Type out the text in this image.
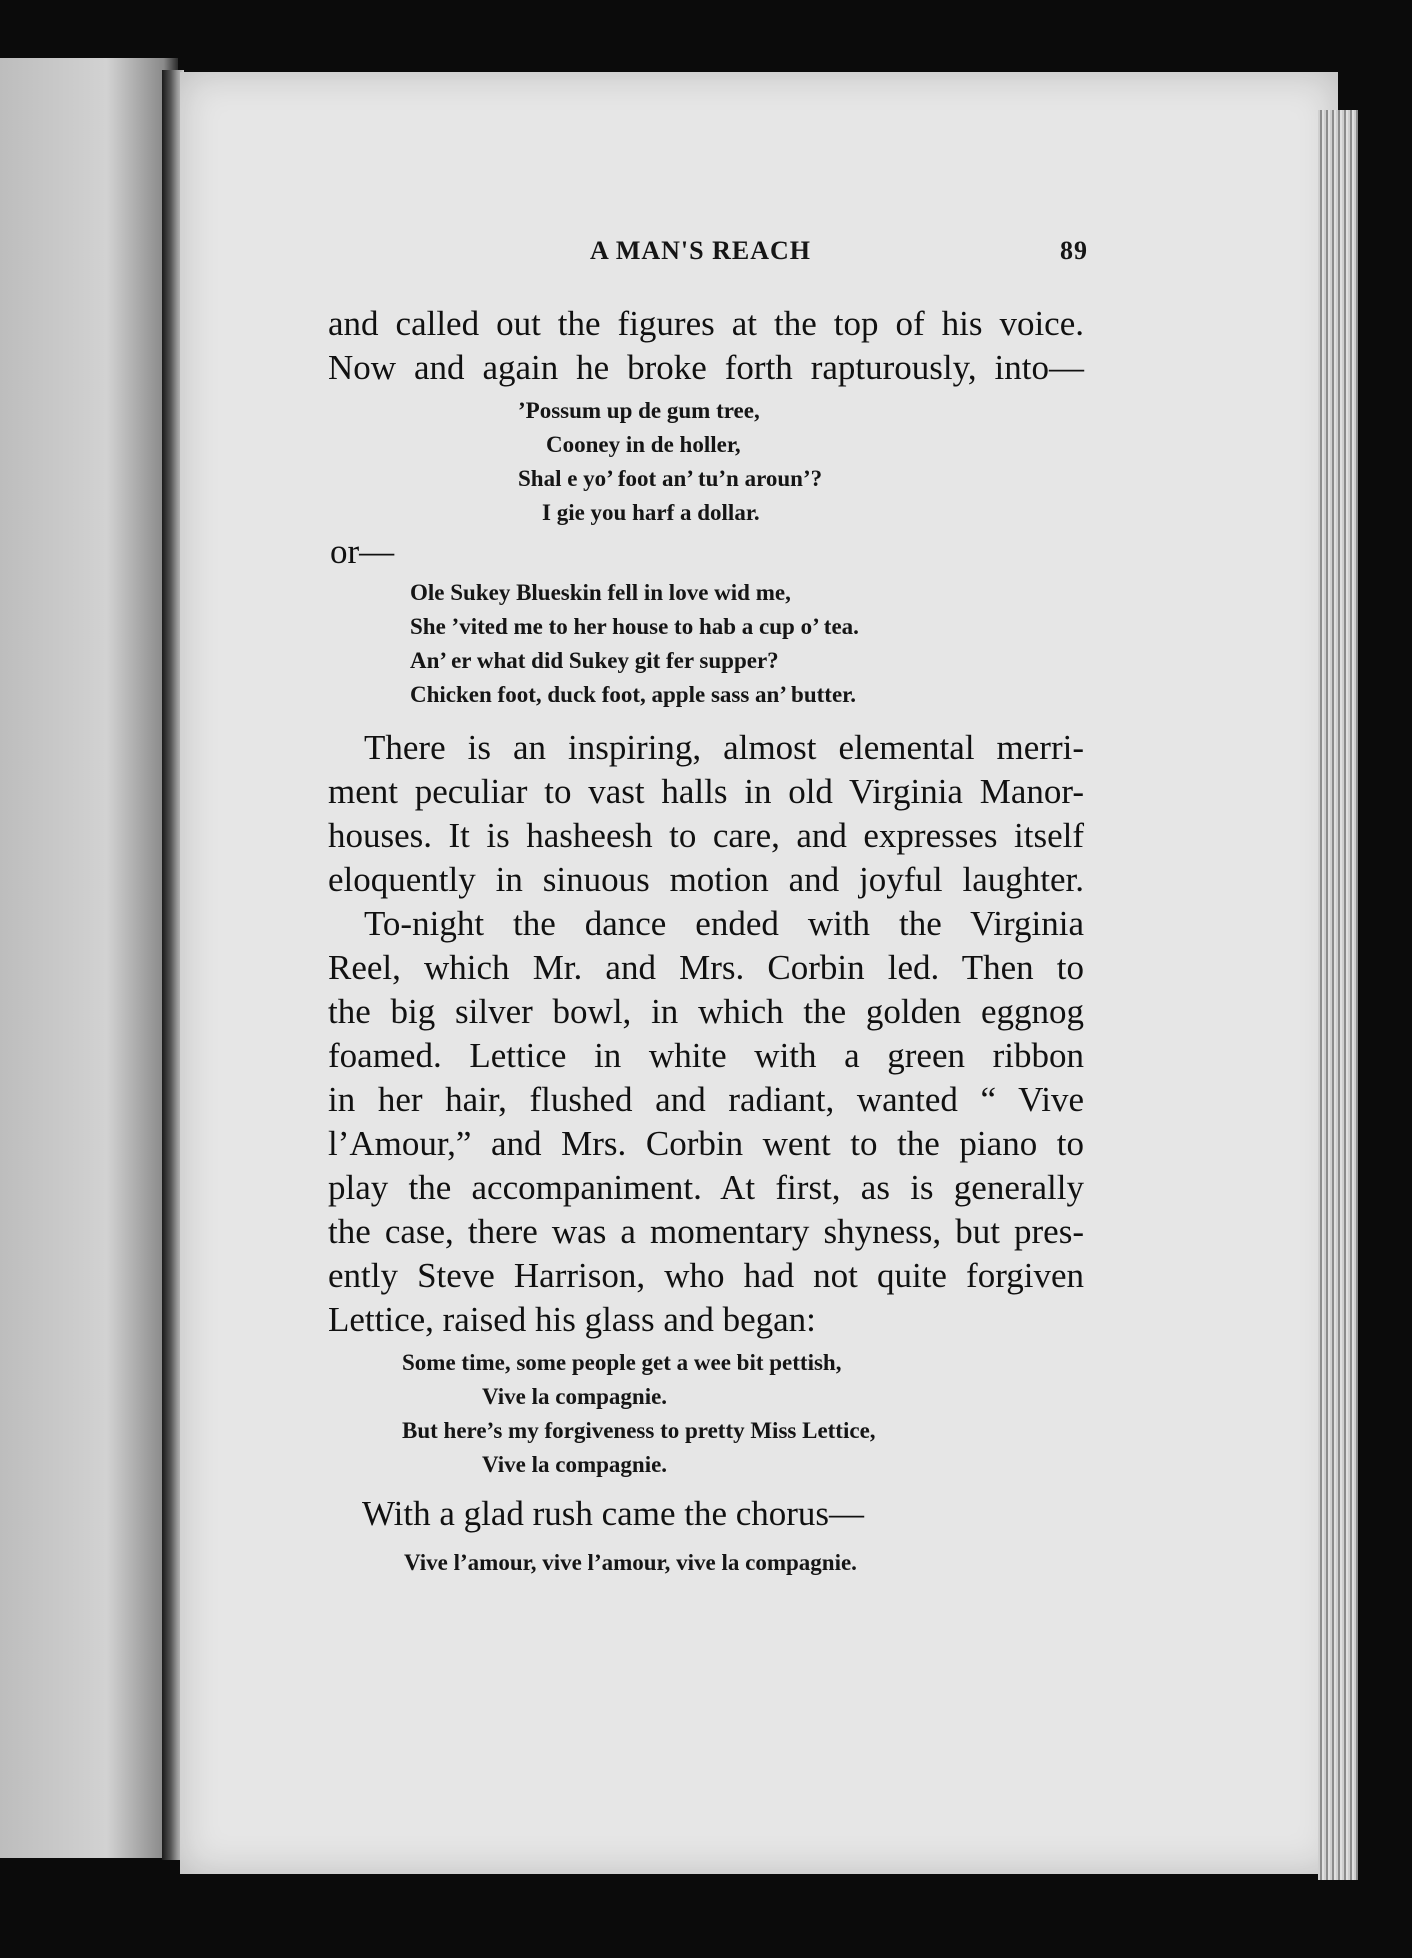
A MAN'S REACH	89
and called out the figures at the top of his voice.
Now and again he broke forth rapturously, into—
’Possum up de gum tree,
Cooney in de holler,
Shal e yo’ foot an’ tu’n aroun’?
I gie you harf a dollar.
or—
Ole Sukey Blueskin fell in love wid me,
She ’vited me to her house to hab a cup o’ tea.
An’ er what did Sukey git fer supper?
Chicken foot, duck foot, apple sass an’ butter.
There is an inspiring, almost elemental merri-
ment peculiar to vast halls in old Virginia Manor-
houses. It is hasheesh to care, and expresses itself
eloquently in sinuous motion and joyful laughter.
To-night the dance ended with the Virginia
Reel, which Mr. and Mrs. Corbin led. Then to
the big silver bowl, in which the golden eggnog
foamed. Lettice in white with a green ribbon
in her hair, flushed and radiant, wanted “ Vive
l’Amour,” and Mrs. Corbin went to the piano to
play the accompaniment. At first, as is generally
the case, there was a momentary shyness, but pres-
ently Steve Harrison, who had not quite forgiven
Lettice, raised his glass and began:
Some time, some people get a wee bit pettish,
Vive la compagnie.
But here’s my forgiveness to pretty Miss Lettice,
Vive la compagnie.
With a glad rush came the chorus—
Vive l’amour, vive l’amour, vive la compagnie.
